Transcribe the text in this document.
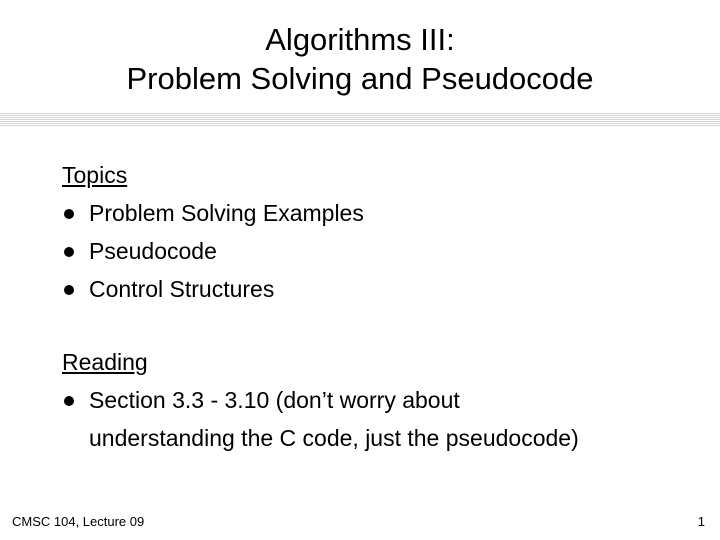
Algorithms III:
Problem Solving and Pseudocode
Topics
Problem Solving Examples
Pseudocode
Control Structures
Reading
Section 3.3 - 3.10 (don’t worry about
understanding the C code, just the pseudocode)
CMSC 104, Lecture 09	1
